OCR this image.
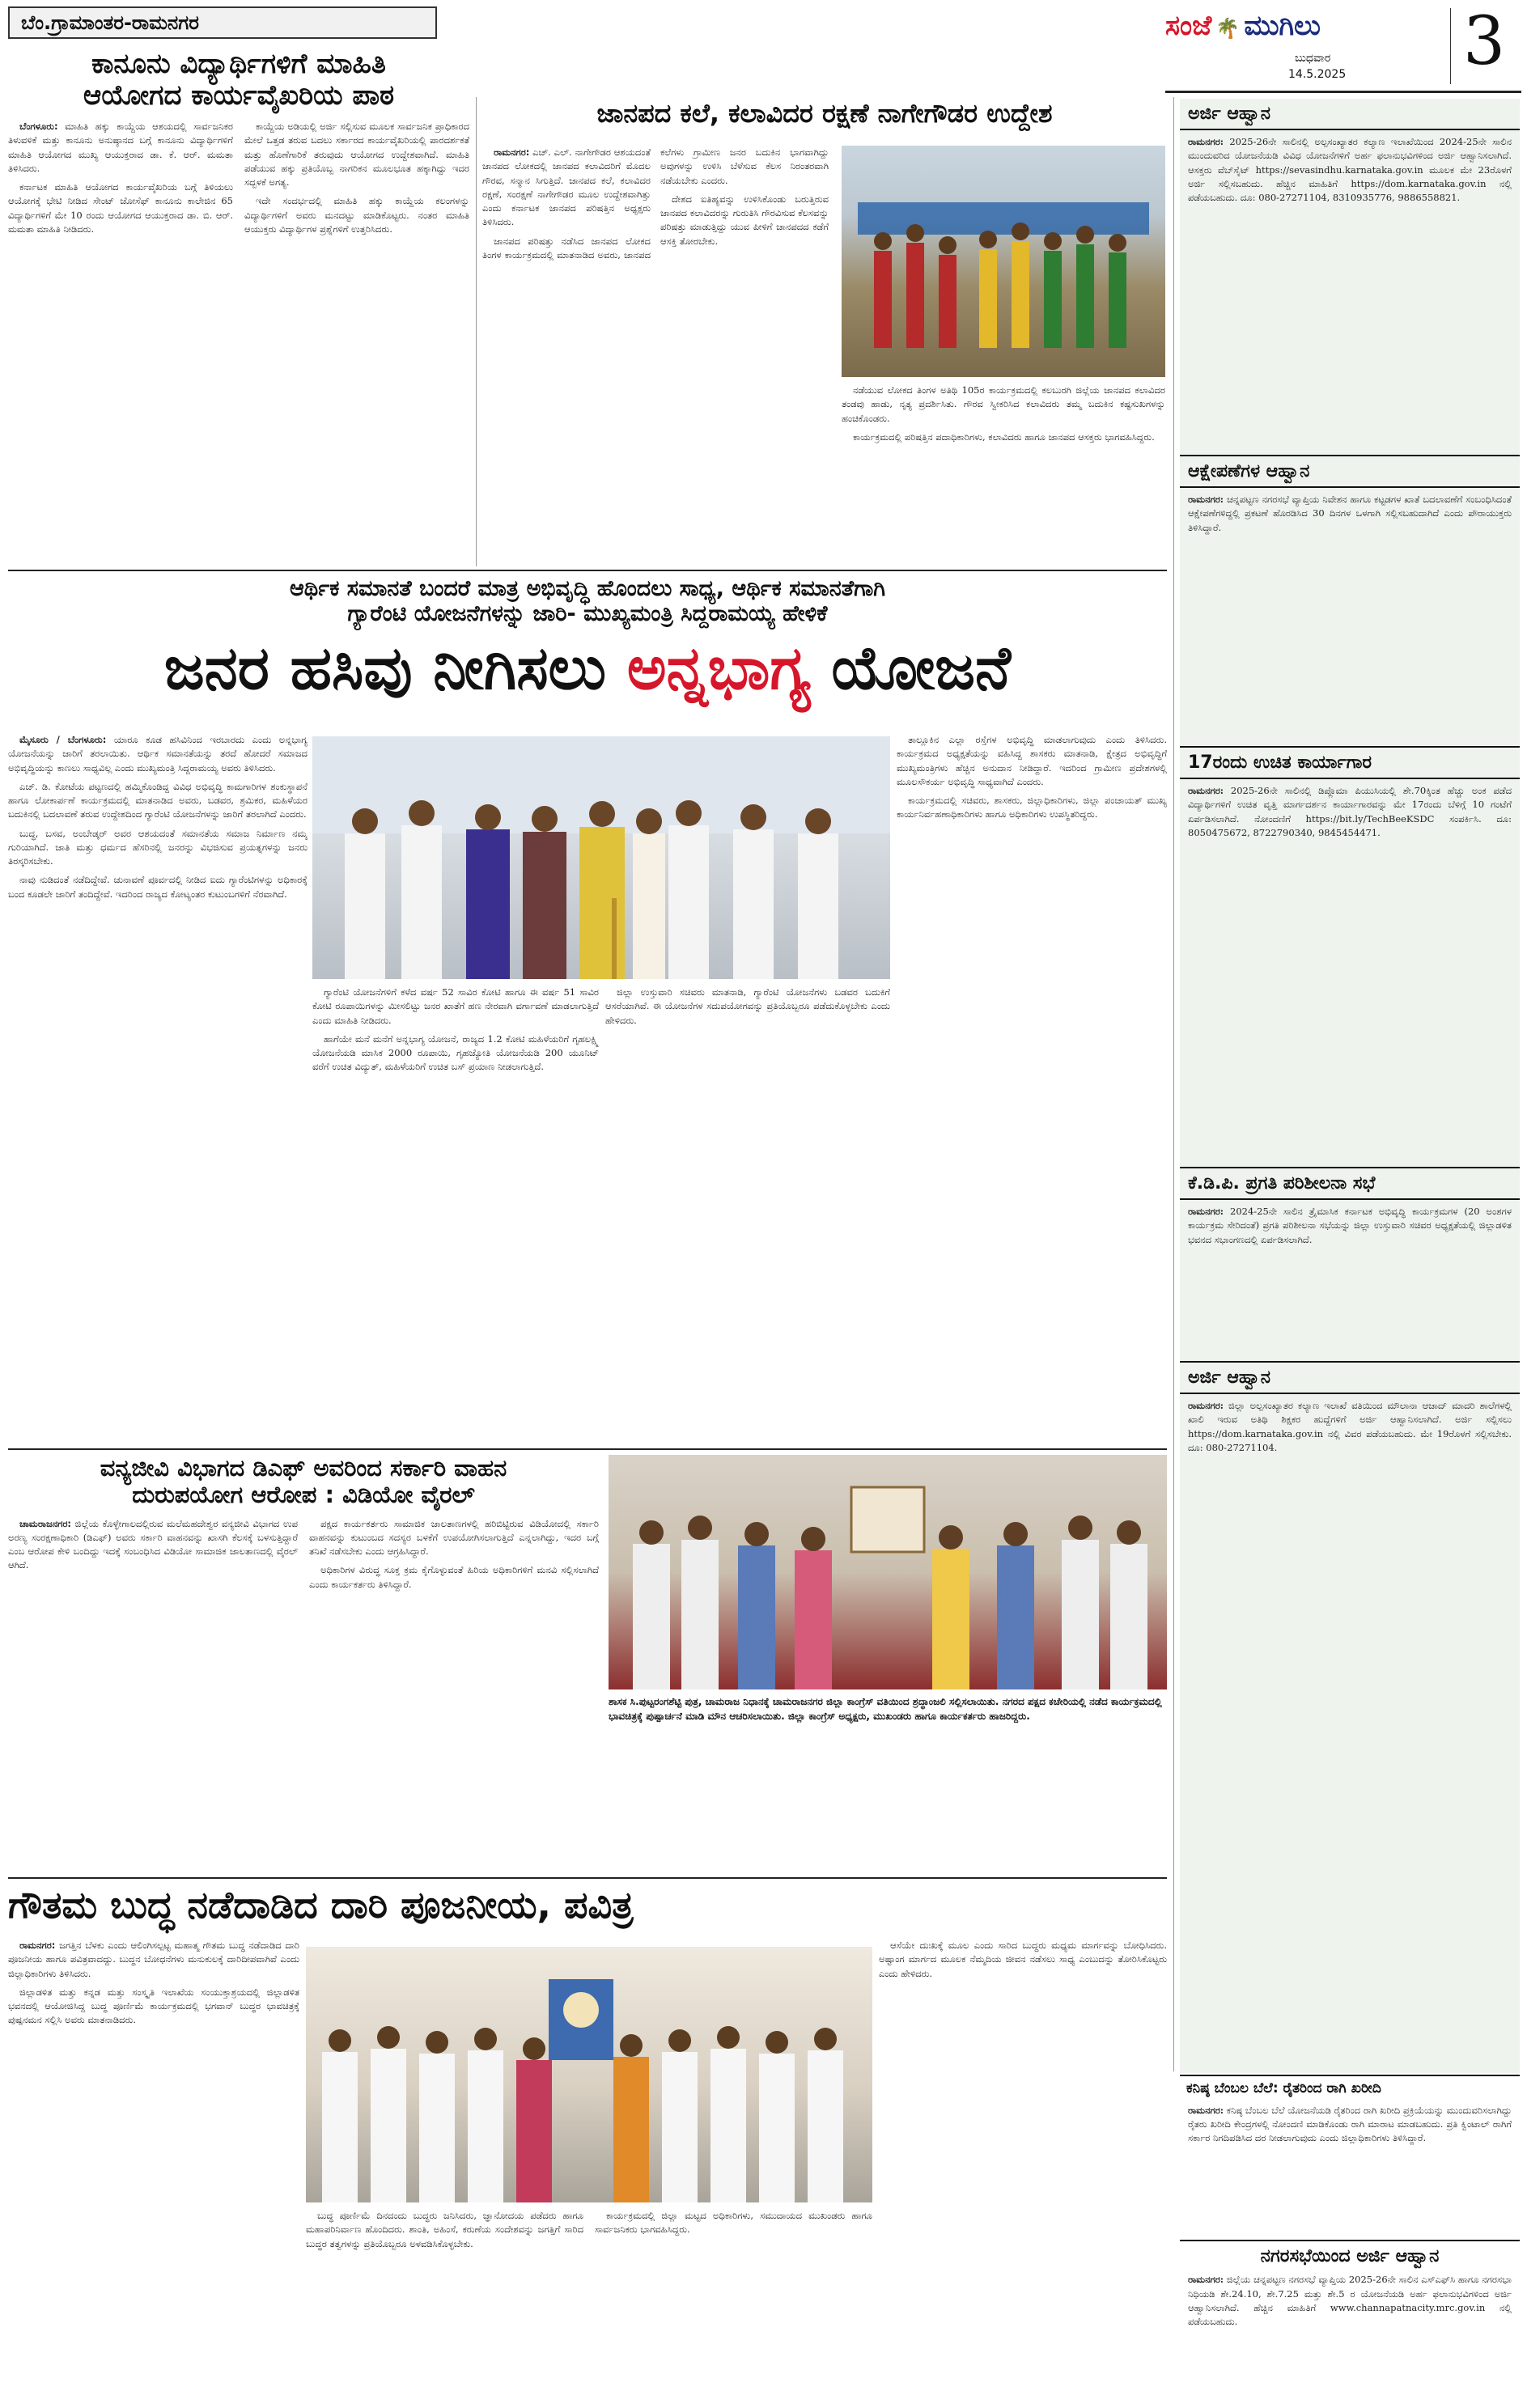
ಬೆಂ.ಗ್ರಾಮಾಂತರ-ರಾಮನಗರ	ಸಂಜೆ 🌴 ಮುಗಿಲು
ಬುಧವಾರ
14.5.2025 3
ಕಾನೂನು ವಿದ್ಯಾರ್ಥಿಗಳಿಗೆ ಮಾಹಿತಿ
ಆಯೋಗದ ಕಾರ್ಯವೈಖರಿಯ ಪಾಠ

ಬೆಂಗಳೂರು: ಮಾಹಿತಿ ಹಕ್ಕು ಕಾಯ್ದೆಯ ಆಶಯದಲ್ಲಿ ಸಾರ್ವಜನಿಕರ ತಿಳುವಳಿಕೆ ಮತ್ತು ಕಾನೂನು ಅನುಷ್ಠಾನದ ಬಗ್ಗೆ ಕಾನೂನು ವಿದ್ಯಾರ್ಥಿಗಳಿಗೆ ಮಾಹಿತಿ ಆಯೋಗದ ಮುಖ್ಯ ಆಯುಕ್ತರಾದ ಡಾ. ಕೆ. ಆರ್. ಮಮತಾ ತಿಳಿಸಿದರು.

ಕರ್ನಾಟಕ ಮಾಹಿತಿ ಆಯೋಗದ ಕಾರ್ಯವೈಖರಿಯ ಬಗ್ಗೆ ತಿಳಿಯಲು ಆಯೋಗಕ್ಕೆ ಭೇಟಿ ನೀಡಿದ ಸೇಂಟ್ ಜೋಸೆಫ್ ಕಾನೂನು ಕಾಲೇಜಿನ 65 ವಿದ್ಯಾರ್ಥಿಗಳಿಗೆ ಮೇ 10 ರಂದು ಆಯೋಗದ ಆಯುಕ್ತರಾದ ಡಾ. ಬಿ. ಆರ್. ಮಮತಾ ಮಾಹಿತಿ ನೀಡಿದರು.

ಕಾಯ್ದೆಯ ಅಡಿಯಲ್ಲಿ ಅರ್ಜಿ ಸಲ್ಲಿಸುವ ಮೂಲಕ ಸಾರ್ವಜನಿಕ ಪ್ರಾಧಿಕಾರದ ಮೇಲೆ ಒತ್ತಡ ತರುವ ಬದಲು ಸರ್ಕಾರದ ಕಾರ್ಯವೈಖರಿಯಲ್ಲಿ ಪಾರದರ್ಶಕತೆ ಮತ್ತು ಹೊಣೆಗಾರಿಕೆ ತರುವುದು ಆಯೋಗದ ಉದ್ದೇಶವಾಗಿದೆ. ಮಾಹಿತಿ ಪಡೆಯುವ ಹಕ್ಕು ಪ್ರತಿಯೊಬ್ಬ ನಾಗರಿಕನ ಮೂಲಭೂತ ಹಕ್ಕಾಗಿದ್ದು ಇದರ ಸದ್ಬಳಕೆ ಅಗತ್ಯ.

ಇದೇ ಸಂದರ್ಭದಲ್ಲಿ ಮಾಹಿತಿ ಹಕ್ಕು ಕಾಯ್ದೆಯ ಕಲಂಗಳನ್ನು ವಿದ್ಯಾರ್ಥಿಗಳಿಗೆ ಅವರು ಮನದಟ್ಟು ಮಾಡಿಕೊಟ್ಟರು. ನಂತರ ಮಾಹಿತಿ ಆಯುಕ್ತರು ವಿದ್ಯಾರ್ಥಿಗಳ ಪ್ರಶ್ನೆಗಳಿಗೆ ಉತ್ತರಿಸಿದರು.

ಜಾನಪದ ಕಲೆ, ಕಲಾವಿದರ ರಕ್ಷಣೆ ನಾಗೇಗೌಡರ ಉದ್ದೇಶ

ರಾಮನಗರ: ಎಚ್. ಎಲ್. ನಾಗೇಗೌಡರ ಆಶಯದಂತೆ ಜಾನಪದ ಲೋಕದಲ್ಲಿ ಜಾನಪದ ಕಲಾವಿದರಿಗೆ ಮೊದಲ ಗೌರವ, ಸನ್ಮಾನ ಸಿಗುತ್ತಿದೆ. ಜಾನಪದ ಕಲೆ, ಕಲಾವಿದರ ರಕ್ಷಣೆ, ಸಂರಕ್ಷಣೆ ನಾಗೇಗೌಡರ ಮೂಲ ಉದ್ದೇಶವಾಗಿತ್ತು ಎಂದು ಕರ್ನಾಟಕ ಜಾನಪದ ಪರಿಷತ್ತಿನ ಅಧ್ಯಕ್ಷರು ತಿಳಿಸಿದರು.

ಜಾನಪದ ಪರಿಷತ್ತು ನಡೆಸಿದ ಜಾನಪದ ಲೋಕದ ತಿಂಗಳ ಕಾರ್ಯಕ್ರಮದಲ್ಲಿ ಮಾತನಾಡಿದ ಅವರು, ಜಾನಪದ ಕಲೆಗಳು ಗ್ರಾಮೀಣ ಜನರ ಬದುಕಿನ ಭಾಗವಾಗಿದ್ದು ಅವುಗಳನ್ನು ಉಳಿಸಿ ಬೆಳೆಸುವ ಕೆಲಸ ನಿರಂತರವಾಗಿ ನಡೆಯಬೇಕು ಎಂದರು.

ದೇಶದ ಐತಿಹ್ಯವನ್ನು ಉಳಿಸಿಕೊಂಡು ಬರುತ್ತಿರುವ ಜಾನಪದ ಕಲಾವಿದರನ್ನು ಗುರುತಿಸಿ ಗೌರವಿಸುವ ಕೆಲಸವನ್ನು ಪರಿಷತ್ತು ಮಾಡುತ್ತಿದ್ದು ಯುವ ಪೀಳಿಗೆ ಜಾನಪದದ ಕಡೆಗೆ ಆಸಕ್ತಿ ತೋರಬೇಕು.

ನಡೆಯುವ ಲೋಕದ ತಿಂಗಳ ಅತಿಥಿ 105ರ ಕಾರ್ಯಕ್ರಮದಲ್ಲಿ ಕಲಬುರಗಿ ಜಿಲ್ಲೆಯ ಜಾನಪದ ಕಲಾವಿದರ ತಂಡವು ಹಾಡು, ನೃತ್ಯ ಪ್ರದರ್ಶಿಸಿತು. ಗೌರವ ಸ್ವೀಕರಿಸಿದ ಕಲಾವಿದರು ತಮ್ಮ ಬದುಕಿನ ಕಷ್ಟಸುಖಗಳನ್ನು ಹಂಚಿಕೊಂಡರು.

ಕಾರ್ಯಕ್ರಮದಲ್ಲಿ ಪರಿಷತ್ತಿನ ಪದಾಧಿಕಾರಿಗಳು, ಕಲಾವಿದರು ಹಾಗೂ ಜಾನಪದ ಆಸಕ್ತರು ಭಾಗವಹಿಸಿದ್ದರು.

ಆರ್ಥಿಕ ಸಮಾನತೆ ಬಂದರೆ ಮಾತ್ರ ಅಭಿವೃದ್ಧಿ ಹೊಂದಲು ಸಾಧ್ಯ, ಆರ್ಥಿಕ ಸಮಾನತೆಗಾಗಿ
ಗ್ಯಾರೆಂಟಿ ಯೋಜನೆಗಳನ್ನು ಜಾರಿ- ಮುಖ್ಯಮಂತ್ರಿ ಸಿದ್ದರಾಮಯ್ಯ ಹೇಳಿಕೆ
ಜನರ ಹಸಿವು ನೀಗಿಸಲು ಅನ್ನಭಾಗ್ಯ ಯೋಜನೆ

ಮೈಸೂರು / ಬೆಂಗಳೂರು: ಯಾರೂ ಕೂಡ ಹಸಿವಿನಿಂದ ಇರಬಾರದು ಎಂದು ಅನ್ನಭಾಗ್ಯ ಯೋಜನೆಯನ್ನು ಜಾರಿಗೆ ತರಲಾಯಿತು. ಆರ್ಥಿಕ ಸಮಾನತೆಯನ್ನು ತರದೆ ಹೋದರೆ ಸಮಾಜದ ಅಭಿವೃದ್ಧಿಯನ್ನು ಕಾಣಲು ಸಾಧ್ಯವಿಲ್ಲ ಎಂದು ಮುಖ್ಯಮಂತ್ರಿ ಸಿದ್ದರಾಮಯ್ಯ ಅವರು ತಿಳಿಸಿದರು.

ಎಚ್. ಡಿ. ಕೋಟೆಯ ಪಟ್ಟಣದಲ್ಲಿ ಹಮ್ಮಿಕೊಂಡಿದ್ದ ವಿವಿಧ ಅಭಿವೃದ್ಧಿ ಕಾಮಗಾರಿಗಳ ಶಂಕುಸ್ಥಾಪನೆ ಹಾಗೂ ಲೋಕಾರ್ಪಣೆ ಕಾರ್ಯಕ್ರಮದಲ್ಲಿ ಮಾತನಾಡಿದ ಅವರು, ಬಡವರ, ಶ್ರಮಿಕರ, ಮಹಿಳೆಯರ ಬದುಕಿನಲ್ಲಿ ಬದಲಾವಣೆ ತರುವ ಉದ್ದೇಶದಿಂದ ಗ್ಯಾರೆಂಟಿ ಯೋಜನೆಗಳನ್ನು ಜಾರಿಗೆ ತರಲಾಗಿದೆ ಎಂದರು.

ಬುದ್ಧ, ಬಸವ, ಅಂಬೇಡ್ಕರ್ ಅವರ ಆಶಯದಂತೆ ಸಮಾನತೆಯ ಸಮಾಜ ನಿರ್ಮಾಣ ನಮ್ಮ ಗುರಿಯಾಗಿದೆ. ಜಾತಿ ಮತ್ತು ಧರ್ಮದ ಹೆಸರಿನಲ್ಲಿ ಜನರನ್ನು ವಿಭಜಿಸುವ ಪ್ರಯತ್ನಗಳನ್ನು ಜನರು ತಿರಸ್ಕರಿಸಬೇಕು.

ನಾವು ನುಡಿದಂತೆ ನಡೆದಿದ್ದೇವೆ. ಚುನಾವಣೆ ಪೂರ್ವದಲ್ಲಿ ನೀಡಿದ ಐದು ಗ್ಯಾರೆಂಟಿಗಳನ್ನು ಅಧಿಕಾರಕ್ಕೆ ಬಂದ ಕೂಡಲೇ ಜಾರಿಗೆ ತಂದಿದ್ದೇವೆ. ಇದರಿಂದ ರಾಜ್ಯದ ಕೋಟ್ಯಂತರ ಕುಟುಂಬಗಳಿಗೆ ನೆರವಾಗಿದೆ.

ಗ್ಯಾರೆಂಟಿ ಯೋಜನೆಗಳಿಗೆ ಕಳೆದ ವರ್ಷ 52 ಸಾವಿರ ಕೋಟಿ ಹಾಗೂ ಈ ವರ್ಷ 51 ಸಾವಿರ ಕೋಟಿ ರೂಪಾಯಿಗಳನ್ನು ಮೀಸಲಿಟ್ಟು ಜನರ ಖಾತೆಗೆ ಹಣ ನೇರವಾಗಿ ವರ್ಗಾವಣೆ ಮಾಡಲಾಗುತ್ತಿದೆ ಎಂದು ಮಾಹಿತಿ ನೀಡಿದರು.

ಹಾಗೆಯೇ ಮನೆ ಮನೆಗೆ ಅನ್ನಭಾಗ್ಯ ಯೋಜನೆ, ರಾಜ್ಯದ 1.2 ಕೋಟಿ ಮಹಿಳೆಯರಿಗೆ ಗೃಹಲಕ್ಷ್ಮಿ ಯೋಜನೆಯಡಿ ಮಾಸಿಕ 2000 ರೂಪಾಯಿ, ಗೃಹಜ್ಯೋತಿ ಯೋಜನೆಯಡಿ 200 ಯೂನಿಟ್ ವರೆಗೆ ಉಚಿತ ವಿದ್ಯುತ್, ಮಹಿಳೆಯರಿಗೆ ಉಚಿತ ಬಸ್ ಪ್ರಯಾಣ ನೀಡಲಾಗುತ್ತಿದೆ.

ಜಿಲ್ಲಾ ಉಸ್ತುವಾರಿ ಸಚಿವರು ಮಾತನಾಡಿ, ಗ್ಯಾರೆಂಟಿ ಯೋಜನೆಗಳು ಬಡವರ ಬದುಕಿಗೆ ಆಸರೆಯಾಗಿವೆ. ಈ ಯೋಜನೆಗಳ ಸದುಪಯೋಗವನ್ನು ಪ್ರತಿಯೊಬ್ಬರೂ ಪಡೆದುಕೊಳ್ಳಬೇಕು ಎಂದು ಹೇಳಿದರು.

ತಾಲ್ಲೂಕಿನ ಎಲ್ಲಾ ರಸ್ತೆಗಳ ಅಭಿವೃದ್ಧಿ ಮಾಡಲಾಗುವುದು ಎಂದು ತಿಳಿಸಿದರು. ಕಾರ್ಯಕ್ರಮದ ಅಧ್ಯಕ್ಷತೆಯನ್ನು ವಹಿಸಿದ್ದ ಶಾಸಕರು ಮಾತನಾಡಿ, ಕ್ಷೇತ್ರದ ಅಭಿವೃದ್ಧಿಗೆ ಮುಖ್ಯಮಂತ್ರಿಗಳು ಹೆಚ್ಚಿನ ಅನುದಾನ ನೀಡಿದ್ದಾರೆ. ಇದರಿಂದ ಗ್ರಾಮೀಣ ಪ್ರದೇಶಗಳಲ್ಲಿ ಮೂಲಸೌಕರ್ಯ ಅಭಿವೃದ್ಧಿ ಸಾಧ್ಯವಾಗಿದೆ ಎಂದರು.

ಕಾರ್ಯಕ್ರಮದಲ್ಲಿ ಸಚಿವರು, ಶಾಸಕರು, ಜಿಲ್ಲಾಧಿಕಾರಿಗಳು, ಜಿಲ್ಲಾ ಪಂಚಾಯತ್ ಮುಖ್ಯ ಕಾರ್ಯನಿರ್ವಹಣಾಧಿಕಾರಿಗಳು ಹಾಗೂ ಅಧಿಕಾರಿಗಳು ಉಪಸ್ಥಿತರಿದ್ದರು.

ವನ್ಯಜೀವಿ ವಿಭಾಗದ ಡಿಎಫ್ ಅವರಿಂದ ಸರ್ಕಾರಿ ವಾಹನ
ದುರುಪಯೋಗ ಆರೋಪ : ವಿಡಿಯೋ ವೈರಲ್

ಚಾಮರಾಜನಗರ: ಜಿಲ್ಲೆಯ ಕೊಳ್ಳೇಗಾಲದಲ್ಲಿರುವ ಮಲೆಮಹದೇಶ್ವರ ವನ್ಯಜೀವಿ ವಿಭಾಗದ ಉಪ ಅರಣ್ಯ ಸಂರಕ್ಷಣಾಧಿಕಾರಿ (ಡಿಎಫ್) ಅವರು ಸರ್ಕಾರಿ ವಾಹನವನ್ನು ಖಾಸಗಿ ಕೆಲಸಕ್ಕೆ ಬಳಸುತ್ತಿದ್ದಾರೆ ಎಂಬ ಆರೋಪ ಕೇಳಿ ಬಂದಿದ್ದು ಇದಕ್ಕೆ ಸಂಬಂಧಿಸಿದ ವಿಡಿಯೋ ಸಾಮಾಜಿಕ ಜಾಲತಾಣದಲ್ಲಿ ವೈರಲ್ ಆಗಿದೆ.

ಪಕ್ಷದ ಕಾರ್ಯಕರ್ತರು ಸಾಮಾಜಿಕ ಜಾಲತಾಣಗಳಲ್ಲಿ ಹರಿಬಿಟ್ಟಿರುವ ವಿಡಿಯೋದಲ್ಲಿ ಸರ್ಕಾರಿ ವಾಹನವನ್ನು ಕುಟುಂಬದ ಸದಸ್ಯರ ಬಳಕೆಗೆ ಉಪಯೋಗಿಸಲಾಗುತ್ತಿದೆ ಎನ್ನಲಾಗಿದ್ದು, ಇದರ ಬಗ್ಗೆ ತನಿಖೆ ನಡೆಸಬೇಕು ಎಂದು ಆಗ್ರಹಿಸಿದ್ದಾರೆ.

ಅಧಿಕಾರಿಗಳ ವಿರುದ್ಧ ಸೂಕ್ತ ಕ್ರಮ ಕೈಗೊಳ್ಳುವಂತೆ ಹಿರಿಯ ಅಧಿಕಾರಿಗಳಿಗೆ ಮನವಿ ಸಲ್ಲಿಸಲಾಗಿದೆ ಎಂದು ಕಾರ್ಯಕರ್ತರು ತಿಳಿಸಿದ್ದಾರೆ.

ಶಾಸಕ ಸಿ.ಪುಟ್ಟರಂಗಶೆಟ್ಟಿ ಪುತ್ರ, ಚಾಮರಾಜ ನಿಧಾನಕ್ಕೆ ಚಾಮರಾಜನಗರ ಜಿಲ್ಲಾ ಕಾಂಗ್ರೆಸ್ ವತಿಯಿಂದ ಶ್ರದ್ಧಾಂಜಲಿ ಸಲ್ಲಿಸಲಾಯಿತು. ನಗರದ ಪಕ್ಷದ ಕಚೇರಿಯಲ್ಲಿ ನಡೆದ ಕಾರ್ಯಕ್ರಮದಲ್ಲಿ ಭಾವಚಿತ್ರಕ್ಕೆ ಪುಷ್ಪಾರ್ಚನೆ ಮಾಡಿ ಮೌನ ಆಚರಿಸಲಾಯಿತು. ಜಿಲ್ಲಾ ಕಾಂಗ್ರೆಸ್ ಅಧ್ಯಕ್ಷರು, ಮುಖಂಡರು ಹಾಗೂ ಕಾರ್ಯಕರ್ತರು ಹಾಜರಿದ್ದರು.
ಗೌತಮ ಬುದ್ಧ ನಡೆದಾಡಿದ ದಾರಿ ಪೂಜನೀಯ, ಪವಿತ್ರ

ರಾಮನಗರ: ಜಗತ್ತಿನ ಬೆಳಕು ಎಂದು ಆಲಿಂಗಿಸಲ್ಪಟ್ಟ ಮಹಾತ್ಮ ಗೌತಮ ಬುದ್ಧ ನಡೆದಾಡಿದ ದಾರಿ ಪೂಜನೀಯ ಹಾಗೂ ಪವಿತ್ರವಾದದ್ದು. ಬುದ್ಧನ ಬೋಧನೆಗಳು ಮನುಕುಲಕ್ಕೆ ದಾರಿದೀಪವಾಗಿವೆ ಎಂದು ಜಿಲ್ಲಾಧಿಕಾರಿಗಳು ತಿಳಿಸಿದರು.

ಜಿಲ್ಲಾಡಳಿತ ಮತ್ತು ಕನ್ನಡ ಮತ್ತು ಸಂಸ್ಕೃತಿ ಇಲಾಖೆಯ ಸಂಯುಕ್ತಾಶ್ರಯದಲ್ಲಿ ಜಿಲ್ಲಾಡಳಿತ ಭವನದಲ್ಲಿ ಆಯೋಜಿಸಿದ್ದ ಬುದ್ಧ ಪೂರ್ಣಿಮೆ ಕಾರ್ಯಕ್ರಮದಲ್ಲಿ ಭಗವಾನ್ ಬುದ್ಧರ ಭಾವಚಿತ್ರಕ್ಕೆ ಪುಷ್ಪನಮನ ಸಲ್ಲಿಸಿ ಅವರು ಮಾತನಾಡಿದರು.

ಬುದ್ಧ ಪೂರ್ಣಿಮೆ ದಿನದಂದು ಬುದ್ಧರು ಜನಿಸಿದರು, ಜ್ಞಾನೋದಯ ಪಡೆದರು ಹಾಗೂ ಮಹಾಪರಿನಿರ್ವಾಣ ಹೊಂದಿದರು. ಶಾಂತಿ, ಅಹಿಂಸೆ, ಕರುಣೆಯ ಸಂದೇಶವನ್ನು ಜಗತ್ತಿಗೆ ಸಾರಿದ ಬುದ್ಧರ ತತ್ವಗಳನ್ನು ಪ್ರತಿಯೊಬ್ಬರೂ ಅಳವಡಿಸಿಕೊಳ್ಳಬೇಕು.

ಕಾರ್ಯಕ್ರಮದಲ್ಲಿ ಜಿಲ್ಲಾ ಮಟ್ಟದ ಅಧಿಕಾರಿಗಳು, ಸಮುದಾಯದ ಮುಖಂಡರು ಹಾಗೂ ಸಾರ್ವಜನಿಕರು ಭಾಗವಹಿಸಿದ್ದರು.

ಆಸೆಯೇ ದುಃಖಕ್ಕೆ ಮೂಲ ಎಂದು ಸಾರಿದ ಬುದ್ಧರು ಮಧ್ಯಮ ಮಾರ್ಗವನ್ನು ಬೋಧಿಸಿದರು. ಅಷ್ಟಾಂಗ ಮಾರ್ಗದ ಮೂಲಕ ನೆಮ್ಮದಿಯ ಜೀವನ ನಡೆಸಲು ಸಾಧ್ಯ ಎಂಬುದನ್ನು ತೋರಿಸಿಕೊಟ್ಟರು ಎಂದು ಹೇಳಿದರು.

ಅರ್ಜಿ ಆಹ್ವಾನ
ರಾಮನಗರ: 2025-26ನೇ ಸಾಲಿನಲ್ಲಿ ಅಲ್ಪಸಂಖ್ಯಾತರ ಕಲ್ಯಾಣ ಇಲಾಖೆಯಿಂದ 2024-25ನೇ ಸಾಲಿನ ಮುಂದುವರಿದ ಯೋಜನೆಯಡಿ ವಿವಿಧ ಯೋಜನೆಗಳಿಗೆ ಅರ್ಹ ಫಲಾನುಭವಿಗಳಿಂದ ಅರ್ಜಿ ಆಹ್ವಾನಿಸಲಾಗಿದೆ. ಆಸಕ್ತರು ವೆಬ್‌ಸೈಟ್ https://sevasindhu.karnataka.gov.in ಮೂಲಕ ಮೇ 23ರೊಳಗೆ ಅರ್ಜಿ ಸಲ್ಲಿಸಬಹುದು. ಹೆಚ್ಚಿನ ಮಾಹಿತಿಗೆ https://dom.karnataka.gov.in ನಲ್ಲಿ ಪಡೆಯಬಹುದು. ದೂ: 080-27271104, 8310935776, 9886558821.
ಆಕ್ಷೇಪಣೆಗಳ ಆಹ್ವಾನ
ರಾಮನಗರ: ಚನ್ನಪಟ್ಟಣ ನಗರಸಭೆ ವ್ಯಾಪ್ತಿಯ ನಿವೇಶನ ಹಾಗೂ ಕಟ್ಟಡಗಳ ಖಾತೆ ಬದಲಾವಣೆಗೆ ಸಂಬಂಧಿಸಿದಂತೆ ಆಕ್ಷೇಪಣೆಗಳಿದ್ದಲ್ಲಿ ಪ್ರಕಟಣೆ ಹೊರಡಿಸಿದ 30 ದಿನಗಳ ಒಳಗಾಗಿ ಸಲ್ಲಿಸಬಹುದಾಗಿದೆ ಎಂದು ಪೌರಾಯುಕ್ತರು ತಿಳಿಸಿದ್ದಾರೆ.
17ರಂದು ಉಚಿತ ಕಾರ್ಯಾಗಾರ
ರಾಮನಗರ: 2025-26ನೇ ಸಾಲಿನಲ್ಲಿ ಡಿಪ್ಲೊಮಾ ಪಿಯುಸಿಯಲ್ಲಿ ಶೇ.70ಕ್ಕಿಂತ ಹೆಚ್ಚು ಅಂಕ ಪಡೆದ ವಿದ್ಯಾರ್ಥಿಗಳಿಗೆ ಉಚಿತ ವೃತ್ತಿ ಮಾರ್ಗದರ್ಶನ ಕಾರ್ಯಾಗಾರವನ್ನು ಮೇ 17ರಂದು ಬೆಳಿಗ್ಗೆ 10 ಗಂಟೆಗೆ ಏರ್ಪಡಿಸಲಾಗಿದೆ. ನೋಂದಣಿಗೆ https://bit.ly/TechBeeKSDC ಸಂಪರ್ಕಿಸಿ. ದೂ: 8050475672, 8722790340, 9845454471.
ಕೆ.ಡಿ.ಪಿ. ಪ್ರಗತಿ ಪರಿಶೀಲನಾ ಸಭೆ
ರಾಮನಗರ: 2024-25ನೇ ಸಾಲಿನ ತ್ರೈಮಾಸಿಕ ಕರ್ನಾಟಕ ಅಭಿವೃದ್ಧಿ ಕಾರ್ಯಕ್ರಮಗಳ (20 ಅಂಶಗಳ ಕಾರ್ಯಕ್ರಮ ಸೇರಿದಂತೆ) ಪ್ರಗತಿ ಪರಿಶೀಲನಾ ಸಭೆಯನ್ನು ಜಿಲ್ಲಾ ಉಸ್ತುವಾರಿ ಸಚಿವರ ಅಧ್ಯಕ್ಷತೆಯಲ್ಲಿ ಜಿಲ್ಲಾಡಳಿತ ಭವನದ ಸಭಾಂಗಣದಲ್ಲಿ ಏರ್ಪಡಿಸಲಾಗಿದೆ.
ಅರ್ಜಿ ಆಹ್ವಾನ
ರಾಮನಗರ: ಜಿಲ್ಲಾ ಅಲ್ಪಸಂಖ್ಯಾತರ ಕಲ್ಯಾಣ ಇಲಾಖೆ ವತಿಯಿಂದ ಮೌಲಾನಾ ಆಜಾದ್ ಮಾದರಿ ಶಾಲೆಗಳಲ್ಲಿ ಖಾಲಿ ಇರುವ ಅತಿಥಿ ಶಿಕ್ಷಕರ ಹುದ್ದೆಗಳಿಗೆ ಅರ್ಜಿ ಆಹ್ವಾನಿಸಲಾಗಿದೆ. ಅರ್ಜಿ ಸಲ್ಲಿಸಲು https://dom.karnataka.gov.in ನಲ್ಲಿ ವಿವರ ಪಡೆಯಬಹುದು. ಮೇ 19ರೊಳಗೆ ಸಲ್ಲಿಸಬೇಕು. ದೂ: 080-27271104.
ಕನಿಷ್ಠ ಬೆಂಬಲ ಬೆಲೆ: ರೈತರಿಂದ ರಾಗಿ ಖರೀದಿ
ರಾಮನಗರ: ಕನಿಷ್ಠ ಬೆಂಬಲ ಬೆಲೆ ಯೋಜನೆಯಡಿ ರೈತರಿಂದ ರಾಗಿ ಖರೀದಿ ಪ್ರಕ್ರಿಯೆಯನ್ನು ಮುಂದುವರಿಸಲಾಗಿದ್ದು ರೈತರು ಖರೀದಿ ಕೇಂದ್ರಗಳಲ್ಲಿ ನೋಂದಣಿ ಮಾಡಿಕೊಂಡು ರಾಗಿ ಮಾರಾಟ ಮಾಡಬಹುದು. ಪ್ರತಿ ಕ್ವಿಂಟಾಲ್ ರಾಗಿಗೆ ಸರ್ಕಾರ ನಿಗದಿಪಡಿಸಿದ ದರ ನೀಡಲಾಗುವುದು ಎಂದು ಜಿಲ್ಲಾಧಿಕಾರಿಗಳು ತಿಳಿಸಿದ್ದಾರೆ.
ನಗರಸಭೆಯಿಂದ ಅರ್ಜಿ ಆಹ್ವಾನ
ರಾಮನಗರ: ಜಿಲ್ಲೆಯ ಚನ್ನಪಟ್ಟಣ ನಗರಸಭೆ ವ್ಯಾಪ್ತಿಯ 2025-26ನೇ ಸಾಲಿನ ಎಸ್‌ಎಫ್‌ಸಿ ಹಾಗೂ ನಗರಸಭಾ ನಿಧಿಯಡಿ ಶೇ.24.10, ಶೇ.7.25 ಮತ್ತು ಶೇ.5 ರ ಯೋಜನೆಯಡಿ ಅರ್ಹ ಫಲಾನುಭವಿಗಳಿಂದ ಅರ್ಜಿ ಆಹ್ವಾನಿಸಲಾಗಿದೆ. ಹೆಚ್ಚಿನ ಮಾಹಿತಿಗೆ www.channapatnacity.mrc.gov.in ನಲ್ಲಿ ಪಡೆಯಬಹುದು.
